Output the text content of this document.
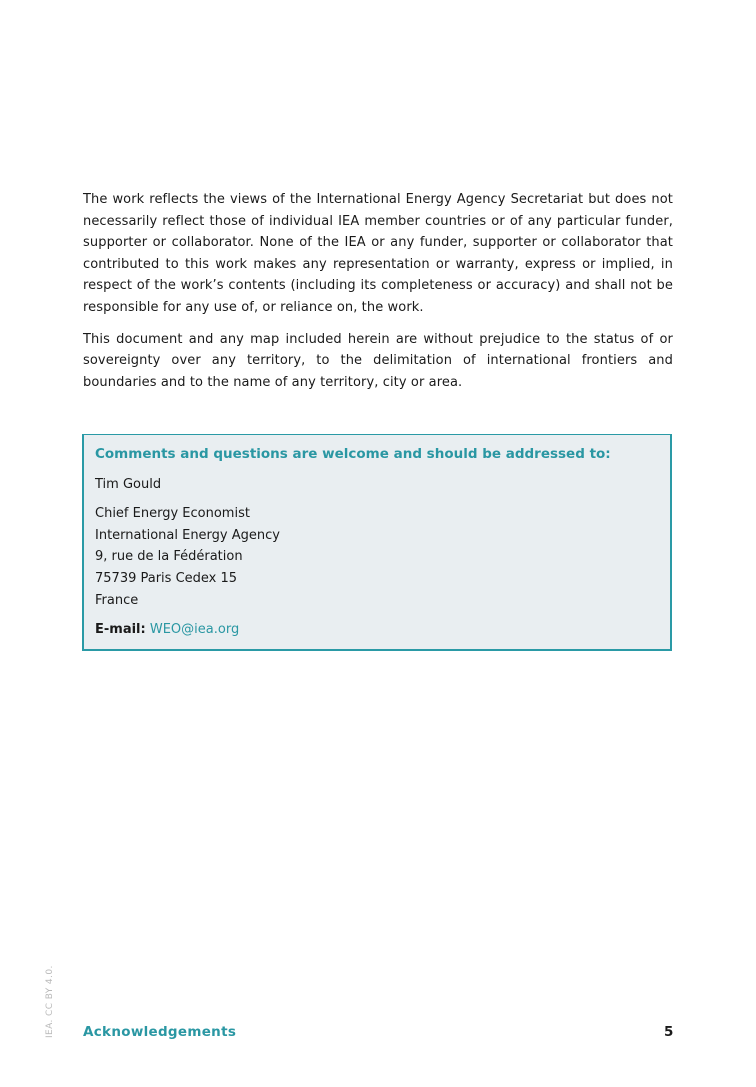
The work reflects the views of the International Energy Agency Secretariat but does not necessarily reflect those of individual IEA member countries or of any particular funder, supporter or collaborator. None of the IEA or any funder, supporter or collaborator that contributed to this work makes any representation or warranty, express or implied, in respect of the work’s contents (including its completeness or accuracy) and shall not be responsible for any use of, or reliance on, the work.

This document and any map included herein are without prejudice to the status of or sovereignty over any territory, to the delimitation of international frontiers and boundaries and to the name of any territory, city or area.

Comments and questions are welcome and should be addressed to:
Tim Gould
Chief Energy Economist
International Energy Agency
9, rue de la Fédération
75739 Paris Cedex 15
France
E-mail: WEO@iea.org
IEA. CC BY 4.0. Acknowledgements	5
